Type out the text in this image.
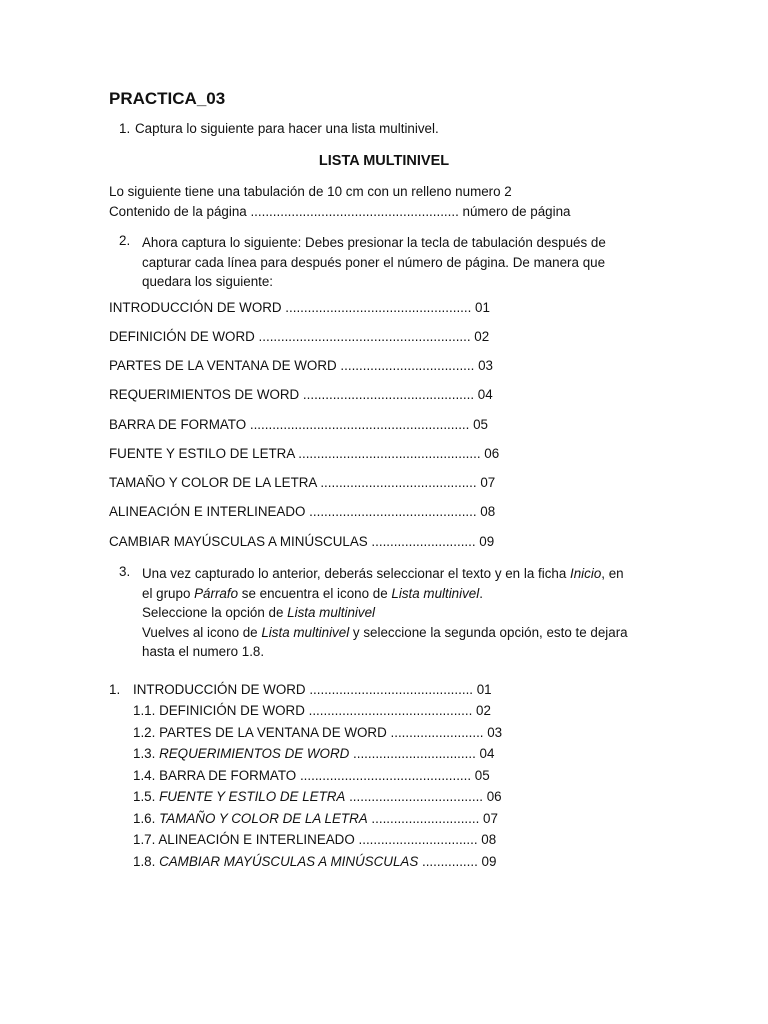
PRACTICA_03
1. Captura lo siguiente para hacer una lista multinivel.
LISTA MULTINIVEL
Lo siguiente tiene una tabulación de 10 cm con un relleno numero 2
Contenido de la página ........................................................ número de página
2. Ahora captura lo siguiente: Debes presionar la tecla de tabulación después de
capturar cada línea para después poner el número de página. De manera que
quedara los siguiente:
INTRODUCCIÓN DE WORD .................................................. 01
DEFINICIÓN DE WORD ......................................................... 02
PARTES DE LA VENTANA DE WORD .................................... 03
REQUERIMIENTOS DE WORD .............................................. 04
BARRA DE FORMATO ........................................................... 05
FUENTE Y ESTILO DE LETRA ................................................. 06
TAMAÑO Y COLOR DE LA LETRA .......................................... 07
ALINEACIÓN E INTERLINEADO ............................................. 08
CAMBIAR MAYÚSCULAS A MINÚSCULAS ............................ 09
3. Una vez capturado lo anterior, deberás seleccionar el texto y en la ficha Inicio, en
el grupo Párrafo se encuentra el icono de Lista multinivel.
Seleccione la opción de Lista multinivel
Vuelves al icono de Lista multinivel y seleccione la segunda opción, esto te dejara
hasta el numero 1.8.
1. INTRODUCCIÓN DE WORD ............................................ 01
1.1. DEFINICIÓN DE WORD ............................................ 02
1.2. PARTES DE LA VENTANA DE WORD ......................... 03
1.3. REQUERIMIENTOS DE WORD ................................. 04
1.4. BARRA DE FORMATO .............................................. 05
1.5. FUENTE Y ESTILO DE LETRA .................................... 06
1.6. TAMAÑO Y COLOR DE LA LETRA ............................. 07
1.7. ALINEACIÓN E INTERLINEADO ................................ 08
1.8. CAMBIAR MAYÚSCULAS A MINÚSCULAS ............... 09
